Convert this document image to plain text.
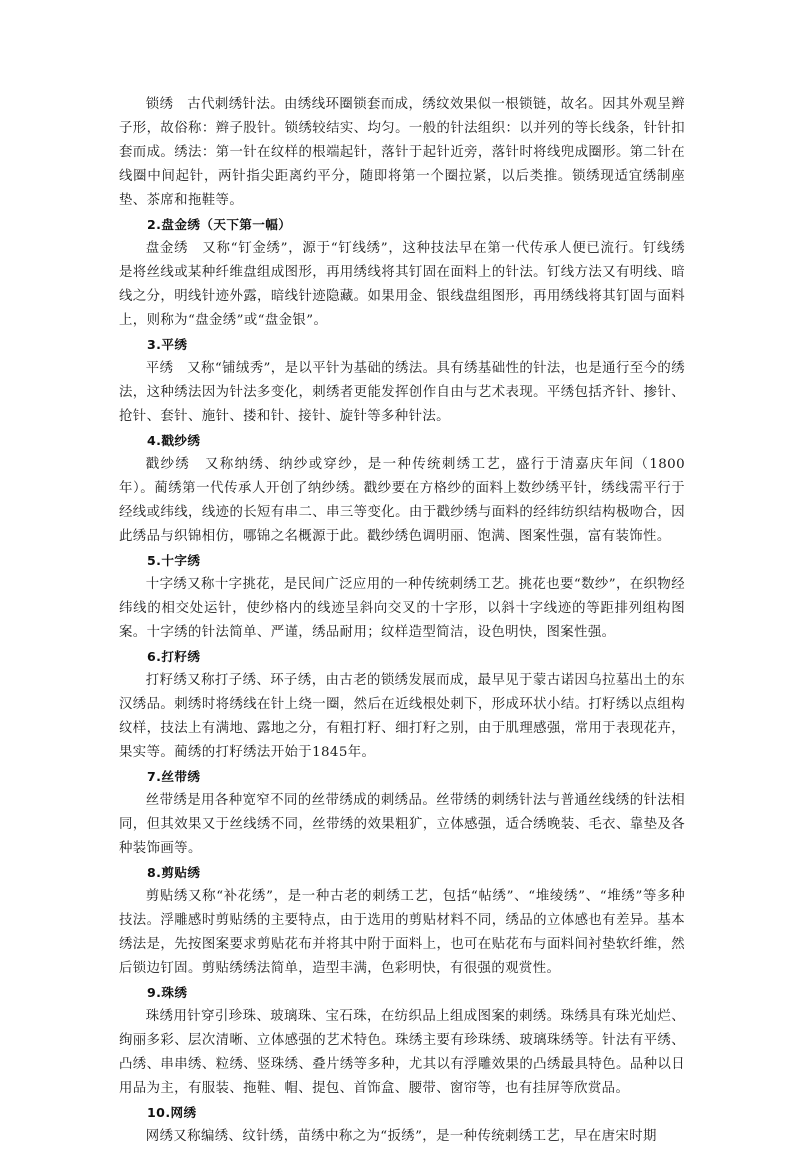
锁绣　古代刺绣针法。由绣线环圈锁套而成，绣纹效果似一根锁链，故名。因其外观呈辫子形，故俗称：辫子股针。锁绣较结实、均匀。一般的针法组织：以并列的等长线条，针针扣套而成。绣法：第一针在纹样的根端起针，落针于起针近旁，落针时将线兜成圈形。第二针在线圈中间起针，两针指尖距离约平分，随即将第一个圈拉紧，以后类推。锁绣现适宜绣制座垫、茶席和拖鞋等。

2.盘金绣（天下第一幅）

盘金绣　又称“钉金绣”，源于“钉线绣”，这种技法早在第一代传承人便已流行。钉线绣是将丝线或某种纤维盘组成图形，再用绣线将其钉固在面料上的针法。钉线方法又有明线、暗线之分，明线针迹外露，暗线针迹隐藏。如果用金、银线盘组图形，再用绣线将其钉固与面料上，则称为“盘金绣”或“盘金银”。

3.平绣

平绣　又称“铺绒秀”，是以平针为基础的绣法。具有绣基础性的针法，也是通行至今的绣法，这种绣法因为针法多变化，刺绣者更能发挥创作自由与艺术表现。平绣包括齐针、掺针、抢针、套针、施针、搂和针、接针、旋针等多种针法。

4.戳纱绣

戳纱绣　又称纳绣、纳纱或穿纱，是一种传统刺绣工艺，盛行于清嘉庆年间（1800年）。蔺绣第一代传承人开创了纳纱绣。戳纱要在方格纱的面料上数纱绣平针，绣线需平行于经线或纬线，线迹的长短有串二、串三等变化。由于戳纱绣与面料的经纬纺织结构极吻合，因此绣品与织锦相仿，哪锦之名概源于此。戳纱绣色调明丽、饱满、图案性强，富有装饰性。

5.十字绣

十字绣又称十字挑花，是民间广泛应用的一种传统刺绣工艺。挑花也要“数纱”，在织物经纬线的相交处运针，使纱格内的线迹呈斜向交叉的十字形，以斜十字线迹的等距排列组构图案。十字绣的针法简单、严谨，绣品耐用；纹样造型简洁，设色明快，图案性强。

6.打籽绣

打籽绣又称打子绣、环子绣，由古老的锁绣发展而成，最早见于蒙古诺因乌拉墓出土的东汉绣品。刺绣时将绣线在针上绕一圈，然后在近线根处刺下，形成环状小结。打籽绣以点组构纹样，技法上有满地、露地之分，有粗打籽、细打籽之别，由于肌理感强，常用于表现花卉，果实等。蔺绣的打籽绣法开始于1845年。

7.丝带绣

丝带绣是用各种宽窄不同的丝带绣成的刺绣品。丝带绣的刺绣针法与普通丝线绣的针法相同，但其效果又于丝线绣不同，丝带绣的效果粗犷，立体感强，适合绣晚装、毛衣、靠垫及各种装饰画等。

8.剪贴绣

剪贴绣又称“补花绣”，是一种古老的刺绣工艺，包括“帖绣”、“堆绫绣”、“堆绣”等多种技法。浮雕感时剪贴绣的主要特点，由于选用的剪贴材料不同，绣品的立体感也有差异。基本绣法是，先按图案要求剪贴花布并将其中附于面料上，也可在贴花布与面料间衬垫软纤维，然后锁边钉固。剪贴绣绣法简单，造型丰满，色彩明快，有很强的观赏性。

9.珠绣

珠绣用针穿引珍珠、玻璃珠、宝石珠，在纺织品上组成图案的刺绣。珠绣具有珠光灿烂、绚丽多彩、层次清晰、立体感强的艺术特色。珠绣主要有珍珠绣、玻璃珠绣等。针法有平绣、凸绣、串串绣、粒绣、竖珠绣、叠片绣等多种，尤其以有浮雕效果的凸绣最具特色。品种以日用品为主，有服装、拖鞋、帽、提包、首饰盒、腰带、窗帘等，也有挂屏等欣赏品。

10.网绣

网绣又称编绣、纹针绣，苗绣中称之为“扳绣”，是一种传统刺绣工艺，早在唐宋时期
